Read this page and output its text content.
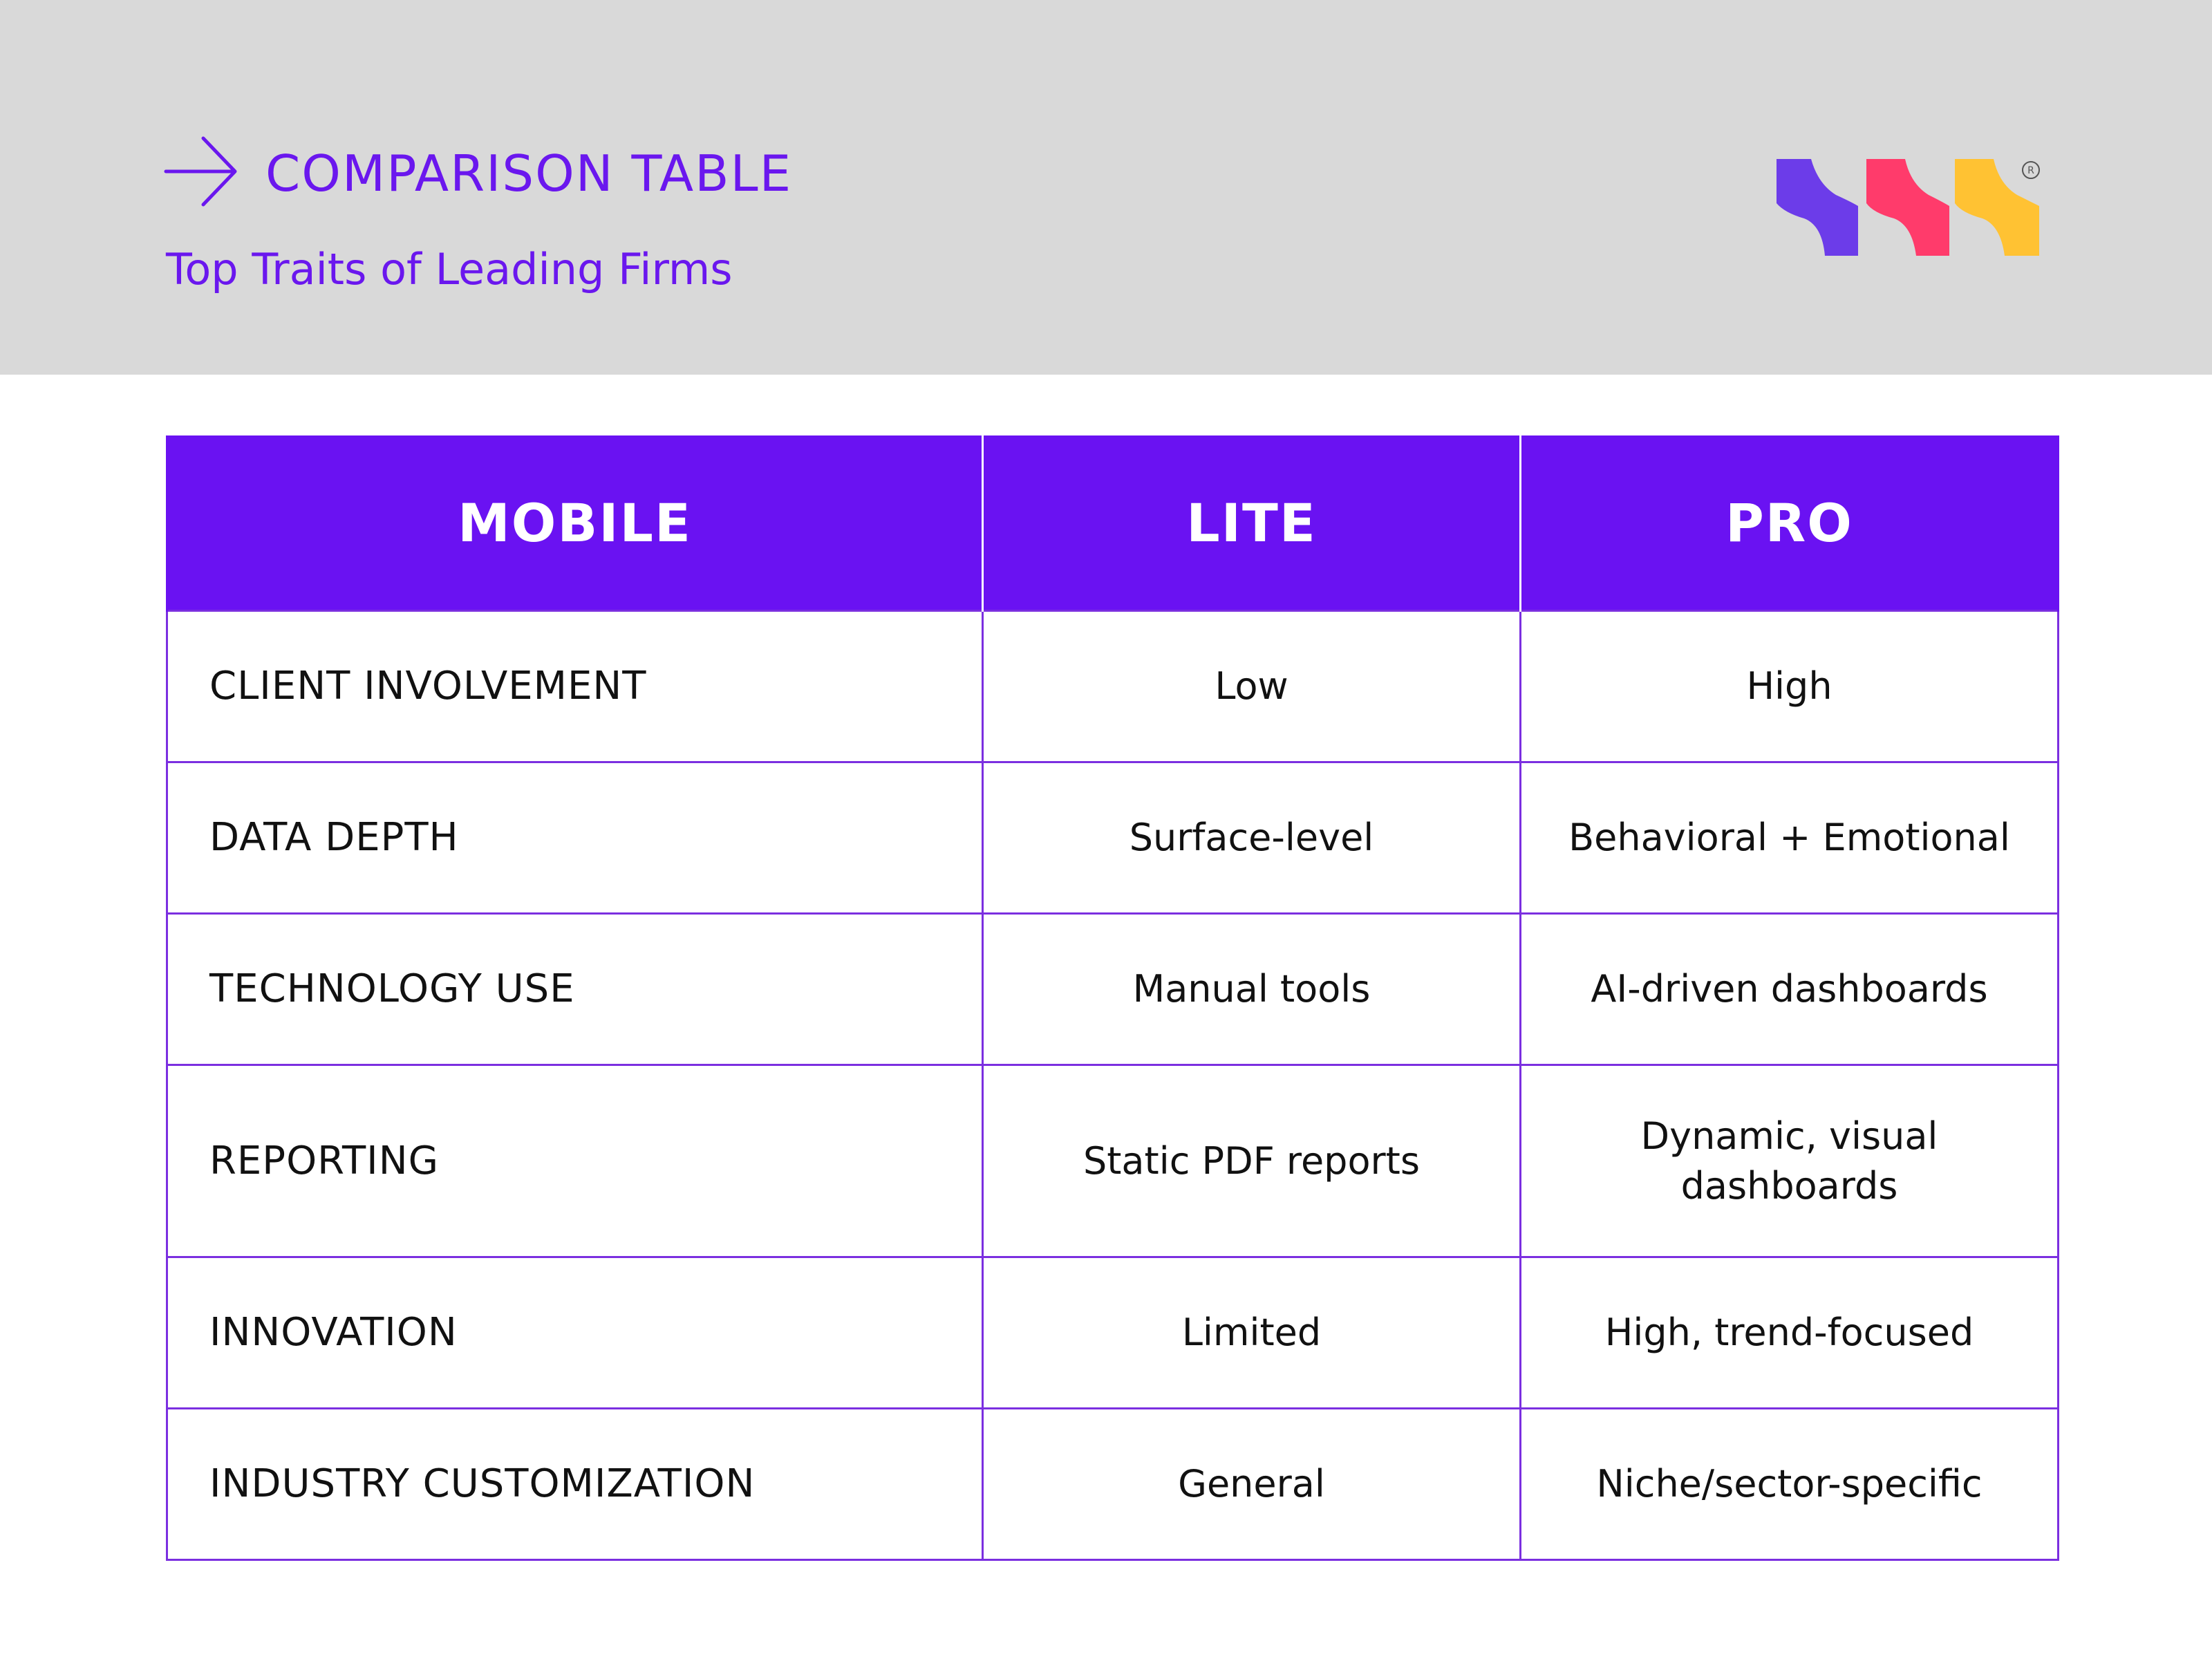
COMPARISON TABLE
Top Traits of Leading Firms
R
MOBILE	LITE	PRO
CLIENT INVOLVEMENT	Low	High
DATA DEPTH	Surface-level	Behavioral + Emotional
TECHNOLOGY USE	Manual tools	AI-driven dashboards
REPORTING	Static PDF reports	Dynamic, visual
dashboards

INNOVATION	Limited	High, trend-focused
INDUSTRY CUSTOMIZATION	General	Niche/sector-specific
